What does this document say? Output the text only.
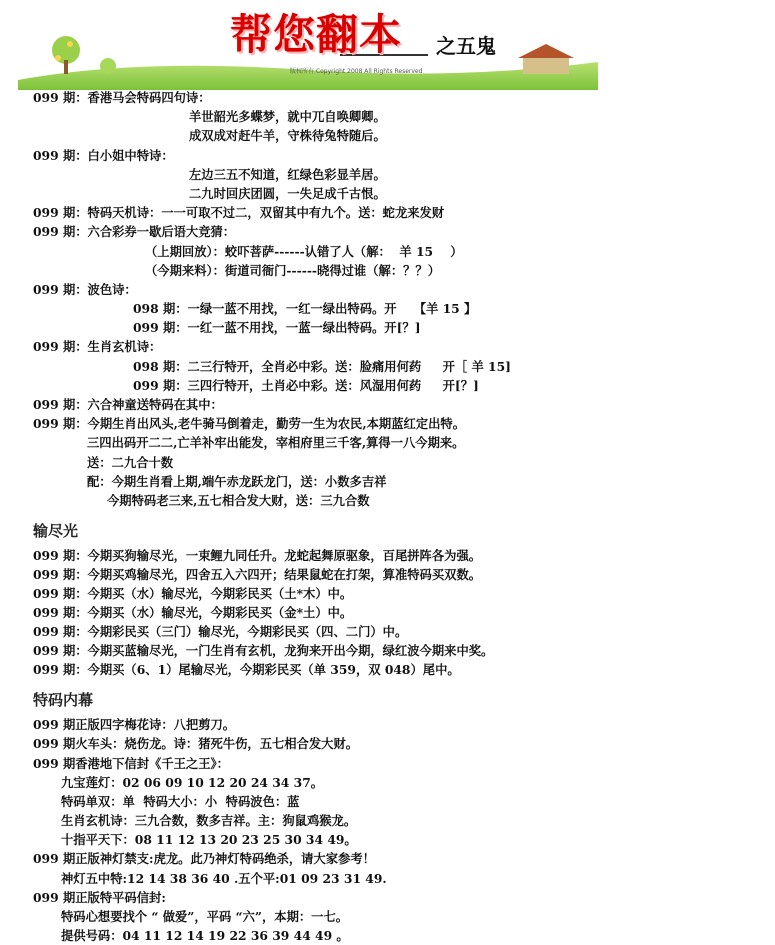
帮您翻本 之五鬼
版权所有 Copyright 2008 All Rights Reserved
099 期：香港马会特码四句诗：
羊世韶光多蝶梦，就中兀自唤卿卿。
成双成对赶牛羊，守株待兔特随后。
099 期：白小姐中特诗：
左边三五不知道，红绿色彩显羊居。
二九时回庆团圆，一失足成千古恨。
099 期：特码天机诗：一一可取不过二，双留其中有九个。送：蛇龙来发财
099 期：六合彩券一歇后语大竞猜：
（上期回放）：蛟吓菩萨------认错了人（解：  羊 15    ）
（今期来料）：街道司衙门------晓得过谁（解：？？）
099 期：波色诗：
098 期：一绿一蓝不用找，一红一绿出特码。开    【羊 15 】
099 期：一红一蓝不用找，一蓝一绿出特码。开[？]
099 期：生肖玄机诗：
098 期：二三行特开，全肖必中彩。送：脸痛用何药     开［ 羊 15]
099 期：三四行特开，土肖必中彩。送：风湿用何药     开[？]
099 期：六合神童送特码在其中：
099 期：今期生肖出风头,老牛骑马倒着走，勤劳一生为农民,本期蓝红定出特。
三四出码开二二,亡羊补牢出能发，宰相府里三千客,算得一八今期来。
送：二九合十数
配：今期生肖看上期,端午赤龙跃龙门，送：小数多吉祥
今期特码老三来,五七相合发大财，送：三九合数
输尽光
099 期：今期买狗输尽光，一束鲤九同任升。龙蛇起舞原驱象，百尾拼阵各为强。
099 期：今期买鸡输尽光，四舍五入六四开；结果鼠蛇在打架，算准特码买双数。
099 期：今期买（水）输尽光，今期彩民买（土*木）中。
099 期：今期买（水）输尽光，今期彩民买（金*土）中。
099 期：今期彩民买（三门）输尽光，今期彩民买（四、二门）中。
099 期：今期买蓝输尽光，一门生肖有玄机，龙狗来开出今期，绿红波今期来中奖。
099 期：今期买（6、1）尾输尽光，今期彩民买（单 359，双 048）尾中。
特码内幕
099 期正版四字梅花诗：八把剪刀。
099 期火车头：烧伤龙。诗：猪死牛伤，五七相合发大财。
099 期香港地下信封《千王之王》：
九宝莲灯：02 06 09 10 12 20 24 34 37。
特码单双：单  特码大小：小  特码波色：蓝
生肖玄机诗：三九合数，数多吉祥。主：狗鼠鸡猴龙。
十指平天下：08 11 12 13 20 23 25 30 34 49。
099 期正版神灯禁支:虎龙。此乃神灯特码绝杀，请大家参考！
神灯五中特:12 14 38 36 40 .五个平:01 09 23 31 49.
099 期正版特平码信封:
特码心想要找个 “ 做爱”，平码 “六”，本期：一七。
提供号码：04 11 12 14 19 22 36 39 44 49 。
